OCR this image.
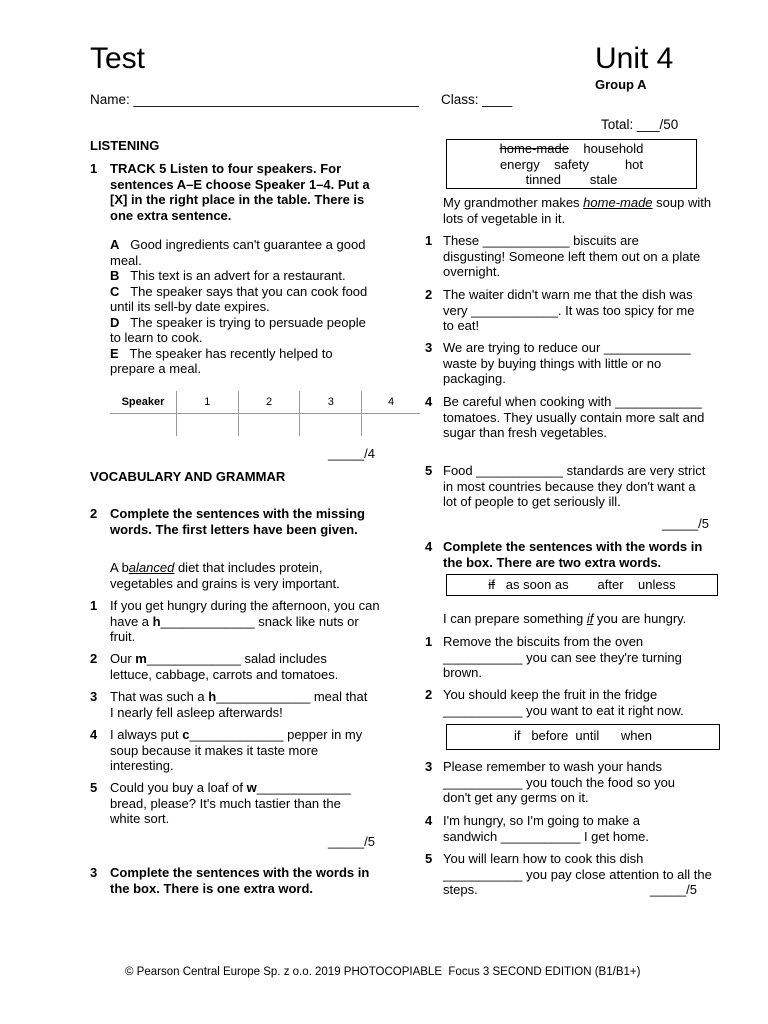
Test	Unit 4
Group A
Name: ______________________________________ Class: ____
Total: ___/50
LISTENING
1 TRACK 5 Listen to four speakers. For sentences A–E choose Speaker 1–4. Put a [X] in the right place in the table. There is one extra sentence.
A Good ingredients can't guarantee a good meal.
B This text is an advert for a restaurant.
C The speaker says that you can cook food until its sell-by date expires.
D The speaker is trying to persuade people to learn to cook.
E The speaker has recently helped to prepare a meal.
Speaker	1	2	3	4

_____/4
VOCABULARY AND GRAMMAR
2 Complete the sentences with the missing words. The first letters have been given.
A balanced diet that includes protein, vegetables and grains is very important.
1 If you get hungry during the afternoon, you can have a h_____________ snack like nuts or fruit.
2 Our m_____________ salad includes lettuce, cabbage, carrots and tomatoes.
3 That was such a h_____________ meal that I nearly fell asleep afterwards!
4 I always put c_____________ pepper in my soup because it makes it taste more interesting.
5 Could you buy a loaf of w_____________ bread, please? It's much tastier than the white sort.
_____/5
3 Complete the sentences with the words in the box. There is one extra word.
home-made household
energy    safety          hot
tinned        stale
My grandmother makes home-made soup with lots of vegetable in it.
1 These ____________ biscuits are disgusting! Someone left them out on a plate overnight.
2 The waiter didn't warn me that the dish was very ____________. It was too spicy for me to eat!
3 We are trying to reduce our ____________ waste by buying things with little or no packaging.
4 Be careful when cooking with ____________ tomatoes. They usually contain more salt and sugar than fresh vegetables.
5 Food ____________ standards are very strict in most countries because they don't want a lot of people to get seriously ill.
_____/5
4 Complete the sentences with the words in the box. There are two extra words.
if as soon as        after    unless
I can prepare something if you are hungry.
1 Remove the biscuits from the oven ___________ you can see they're turning brown.
2 You should keep the fruit in the fridge ___________ you want to eat it right now.
if   before  until      when
3 Please remember to wash your hands ___________ you touch the food so you don't get any germs on it.
4 I'm hungry, so I'm going to make a sandwich ___________ I get home.
5 You will learn how to cook this dish ___________ you pay close attention to all the steps.	_____/5
© Pearson Central Europe Sp. z o.o. 2019 PHOTOCOPIABLE  Focus 3 SECOND EDITION (B1/B1+)
